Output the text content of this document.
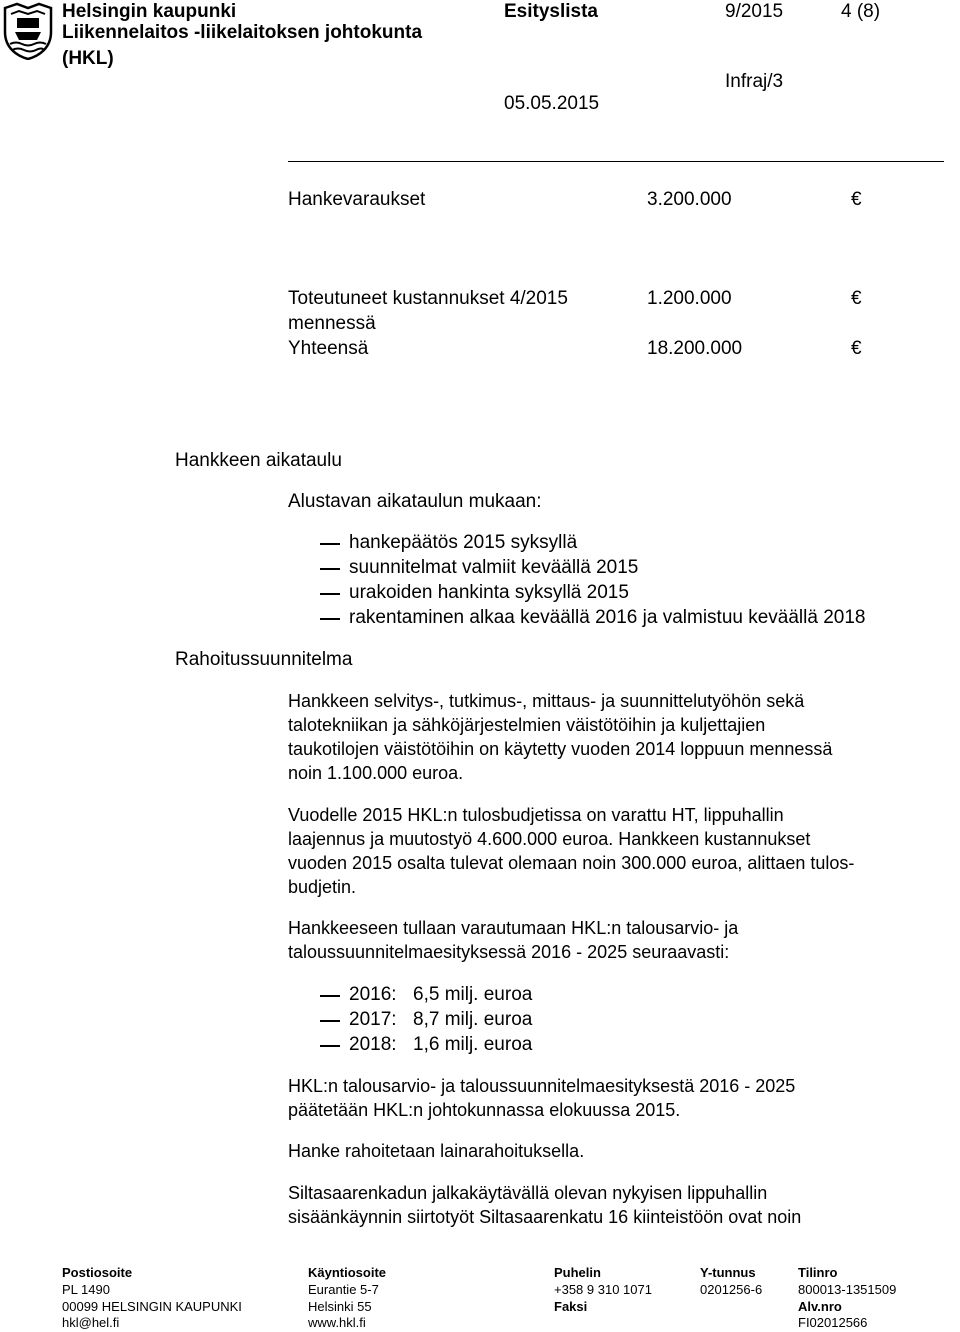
Helsingin kaupunki
Liikennelaitos -liikelaitoksen johtokunta
(HKL)
Esityslista	9/2015	4 (8)
Infraj/3
05.05.2015
Hankevaraukset	3.200.000	€
Toteutuneet kustannukset 4/2015
mennessä
1.200.000	€
Yhteensä	18.200.000	€
Hankkeen aikataulu
Alustavan aikataulun mukaan:
hankepäätös 2015 syksyllä
suunnitelmat valmiit keväällä 2015
urakoiden hankinta syksyllä 2015
rakentaminen alkaa keväällä 2016 ja valmistuu keväällä 2018
Rahoitussuunnitelma
Hankkeen selvitys-, tutkimus-, mittaus- ja suunnittelutyöhön sekä
talotekniikan ja sähköjärjestelmien väistötöihin ja kuljettajien
taukotilojen väistötöihin on käytetty vuoden 2014 loppuun mennessä
noin 1.100.000 euroa.
Vuodelle 2015 HKL:n tulosbudjetissa on varattu HT, lippuhallin
laajennus ja muutostyö 4.600.000 euroa. Hankkeen kustannukset
vuoden 2015 osalta tulevat olemaan noin 300.000 euroa, alittaen tulos-
budjetin.
Hankkeeseen tullaan varautumaan HKL:n talousarvio- ja
taloussuunnitelmaesityksessä 2016 - 2025 seuraavasti:
2016: 6,5 milj. euroa
2017: 8,7 milj. euroa
2018: 1,6 milj. euroa
HKL:n talousarvio- ja taloussuunnitelmaesityksestä 2016 - 2025
päätetään HKL:n johtokunnassa elokuussa 2015.
Hanke rahoitetaan lainarahoituksella.
Siltasaarenkadun jalkakäytävällä olevan nykyisen lippuhallin
sisäänkäynnin siirtotyöt Siltasaarenkatu 16 kiinteistöön ovat noin
Postiosoite
PL 1490
00099 HELSINGIN KAUPUNKI
hkl@hel.fi
Käyntiosoite
Eurantie 5-7
Helsinki 55
www.hkl.fi
Puhelin
+358 9 310 1071
Faksi
Y-tunnus
0201256-6
Tilinro
800013-1351509
Alv.nro
FI02012566
